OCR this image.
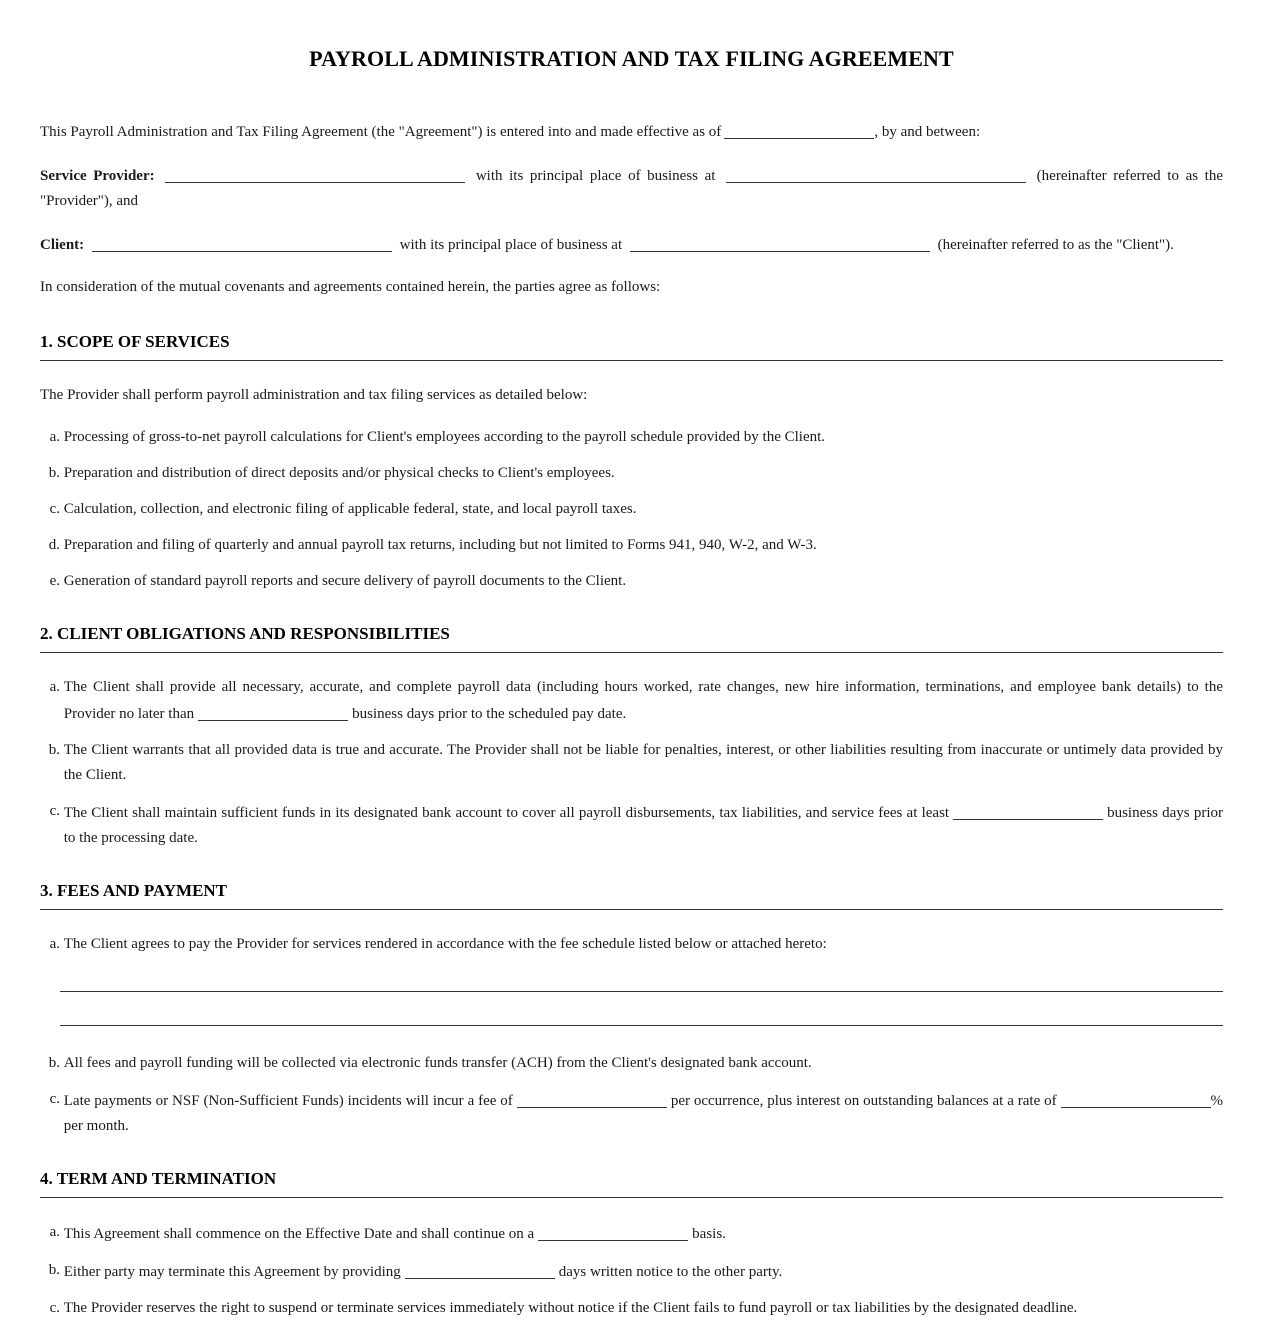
PAYROLL ADMINISTRATION AND TAX FILING AGREEMENT

This Payroll Administration and Tax Filing Agreement (the "Agreement") is entered into and made effective as of	, by and between:

Service Provider:	with its principal place of business at	(hereinafter referred to as the "Provider"), and

Client:	with its principal place of business at	(hereinafter referred to as the "Client").

In consideration of the mutual covenants and agreements contained herein, the parties agree as follows:

1. SCOPE OF SERVICES

The Provider shall perform payroll administration and tax filing services as detailed below:

a.
Processing of gross-to-net payroll calculations for Client's employees according to the payroll schedule provided by the Client.
b.
Preparation and distribution of direct deposits and/or physical checks to Client's employees.
c.
Calculation, collection, and electronic filing of applicable federal, state, and local payroll taxes.
d.
Preparation and filing of quarterly and annual payroll tax returns, including but not limited to Forms 941, 940, W-2, and W-3.
e.
Generation of standard payroll reports and secure delivery of payroll documents to the Client.
2. CLIENT OBLIGATIONS AND RESPONSIBILITIES
a.
The Client shall provide all necessary, accurate, and complete payroll data (including hours worked, rate changes, new hire information, terminations, and employee bank details) to the Provider no later than	business days prior to the scheduled pay date.
b.
The Client warrants that all provided data is true and accurate. The Provider shall not be liable for penalties, interest, or other liabilities resulting from inaccurate or untimely data provided by the Client.
c.
The Client shall maintain sufficient funds in its designated bank account to cover all payroll disbursements, tax liabilities, and service fees at least	business days prior to the processing date.
3. FEES AND PAYMENT
a.
The Client agrees to pay the Provider for services rendered in accordance with the fee schedule listed below or attached hereto:
b.
All fees and payroll funding will be collected via electronic funds transfer (ACH) from the Client's designated bank account.
c.
Late payments or NSF (Non-Sufficient Funds) incidents will incur a fee of	per occurrence, plus interest on outstanding balances at a rate of	% per month.
4. TERM AND TERMINATION
a.
This Agreement shall commence on the Effective Date and shall continue on a	basis.
b.
Either party may terminate this Agreement by providing	days written notice to the other party.
c.
The Provider reserves the right to suspend or terminate services immediately without notice if the Client fails to fund payroll or tax liabilities by the designated deadline.
